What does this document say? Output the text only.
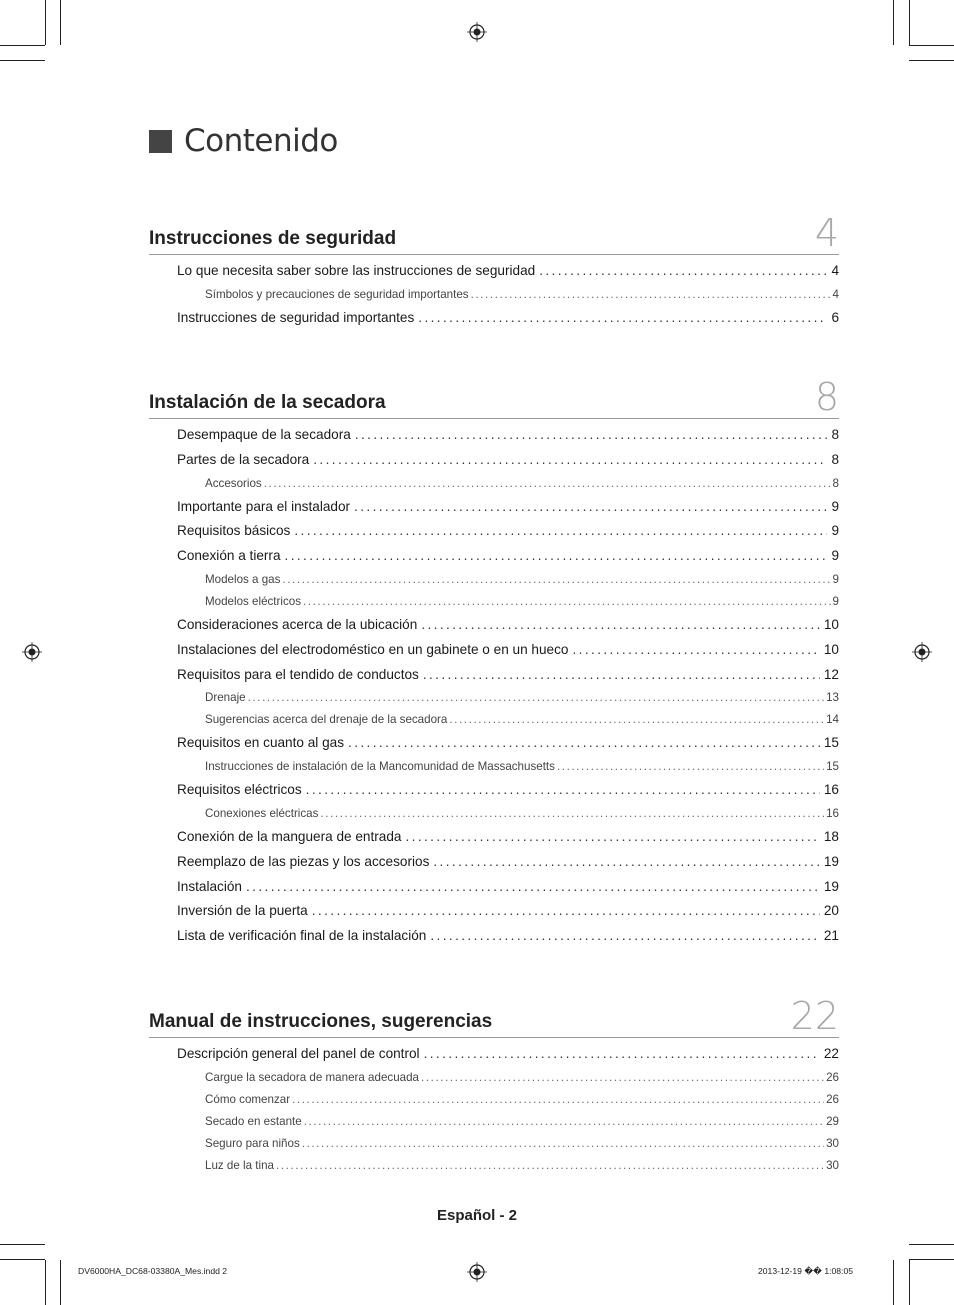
Contenido
Instrucciones de seguridad	4
Lo que necesita saber sobre las instrucciones de seguridad .....	4
Símbolos y precauciones de seguridad importantes .....	4
Instrucciones de seguridad importantes .....	6
Instalación de la secadora	8
Desempaque de la secadora .....	8
Partes de la secadora .....	8
Accesorios .....	8
Importante para el instalador .....	9
Requisitos básicos .....	9
Conexión a tierra .....	9
Modelos a gas .....	9
Modelos eléctricos .....	9
Consideraciones acerca de la ubicación .....	10
Instalaciones del electrodoméstico en un gabinete o en un hueco .....	10
Requisitos para el tendido de conductos .....	12
Drenaje .....	13
Sugerencias acerca del drenaje de la secadora .....	14
Requisitos en cuanto al gas .....	15
Instrucciones de instalación de la Mancomunidad de Massachusetts .....	15
Requisitos eléctricos .....	16
Conexiones eléctricas .....	16
Conexión de la manguera de entrada .....	18
Reemplazo de las piezas y los accesorios .....	19
Instalación .....	19
Inversión de la puerta .....	20
Lista de verificación final de la instalación .....	21
Manual de instrucciones, sugerencias	22
Descripción general del panel de control .....	22
Cargue la secadora de manera adecuada .....	26
Cómo comenzar .....	26
Secado en estante .....	29
Seguro para niños .....	30
Luz de la tina .....	30
Español - 2
DV6000HA_DC68-03380A_Mes.indd 2	2013-12-19 �� 1:08:05
